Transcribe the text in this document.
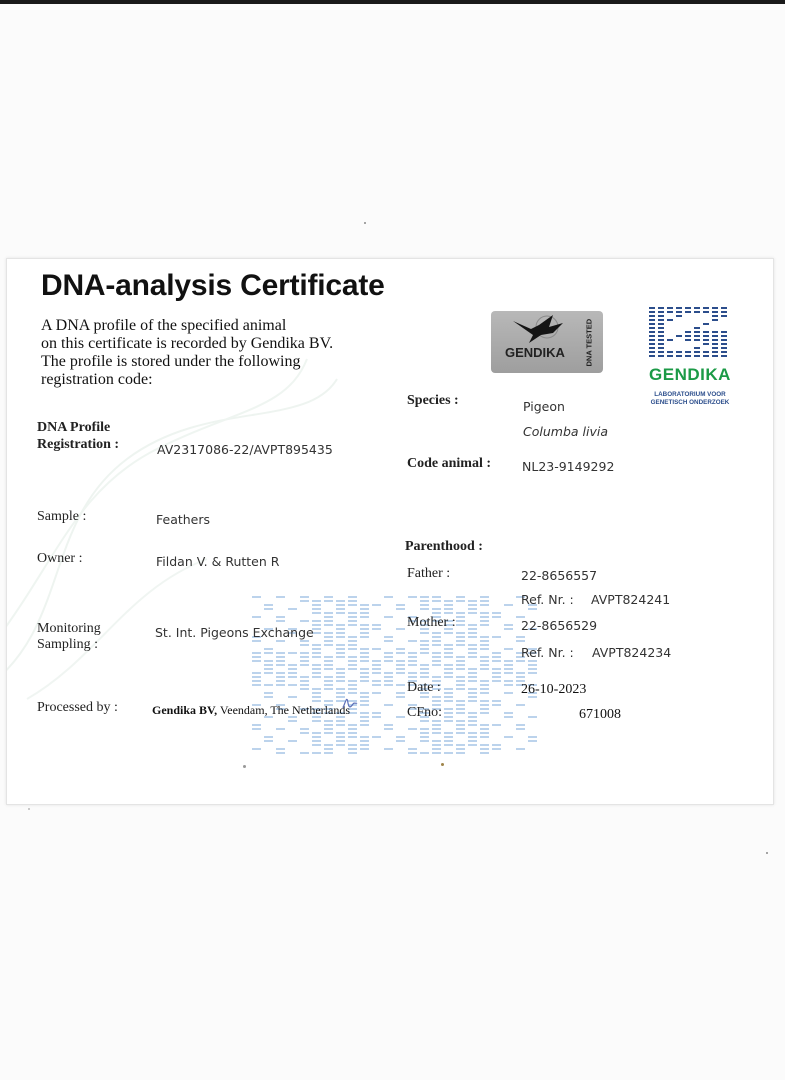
DNA-analysis Certificate
A DNA profile of the specified animal
on this certificate is recorded by Gendika BV.
The profile is stored under the following
registration code:
GENDIKA	DNA TESTED
GENDIKA
LABORATORIUM VOOR
GENETISCH ONDERZOEK
DNA Profile
Registration :	AV2317086-22/AVPT895435
Sample :	Feathers
Owner :	Fildan V. & Rutten R
Monitoring
Sampling :
St. Int. Pigeons Exchange
Processed by :	Gendika BV, Veendam, The Netherlands
Species :	Pigeon
Columba livia
Code animal : NL23-9149292
Parenthood :
Father :	22-8656557
Ref. Nr. : AVPT824241
Mother :	22-8656529
Ref. Nr. : AVPT824234
Date :	26-10-2023
CFno:	671008
